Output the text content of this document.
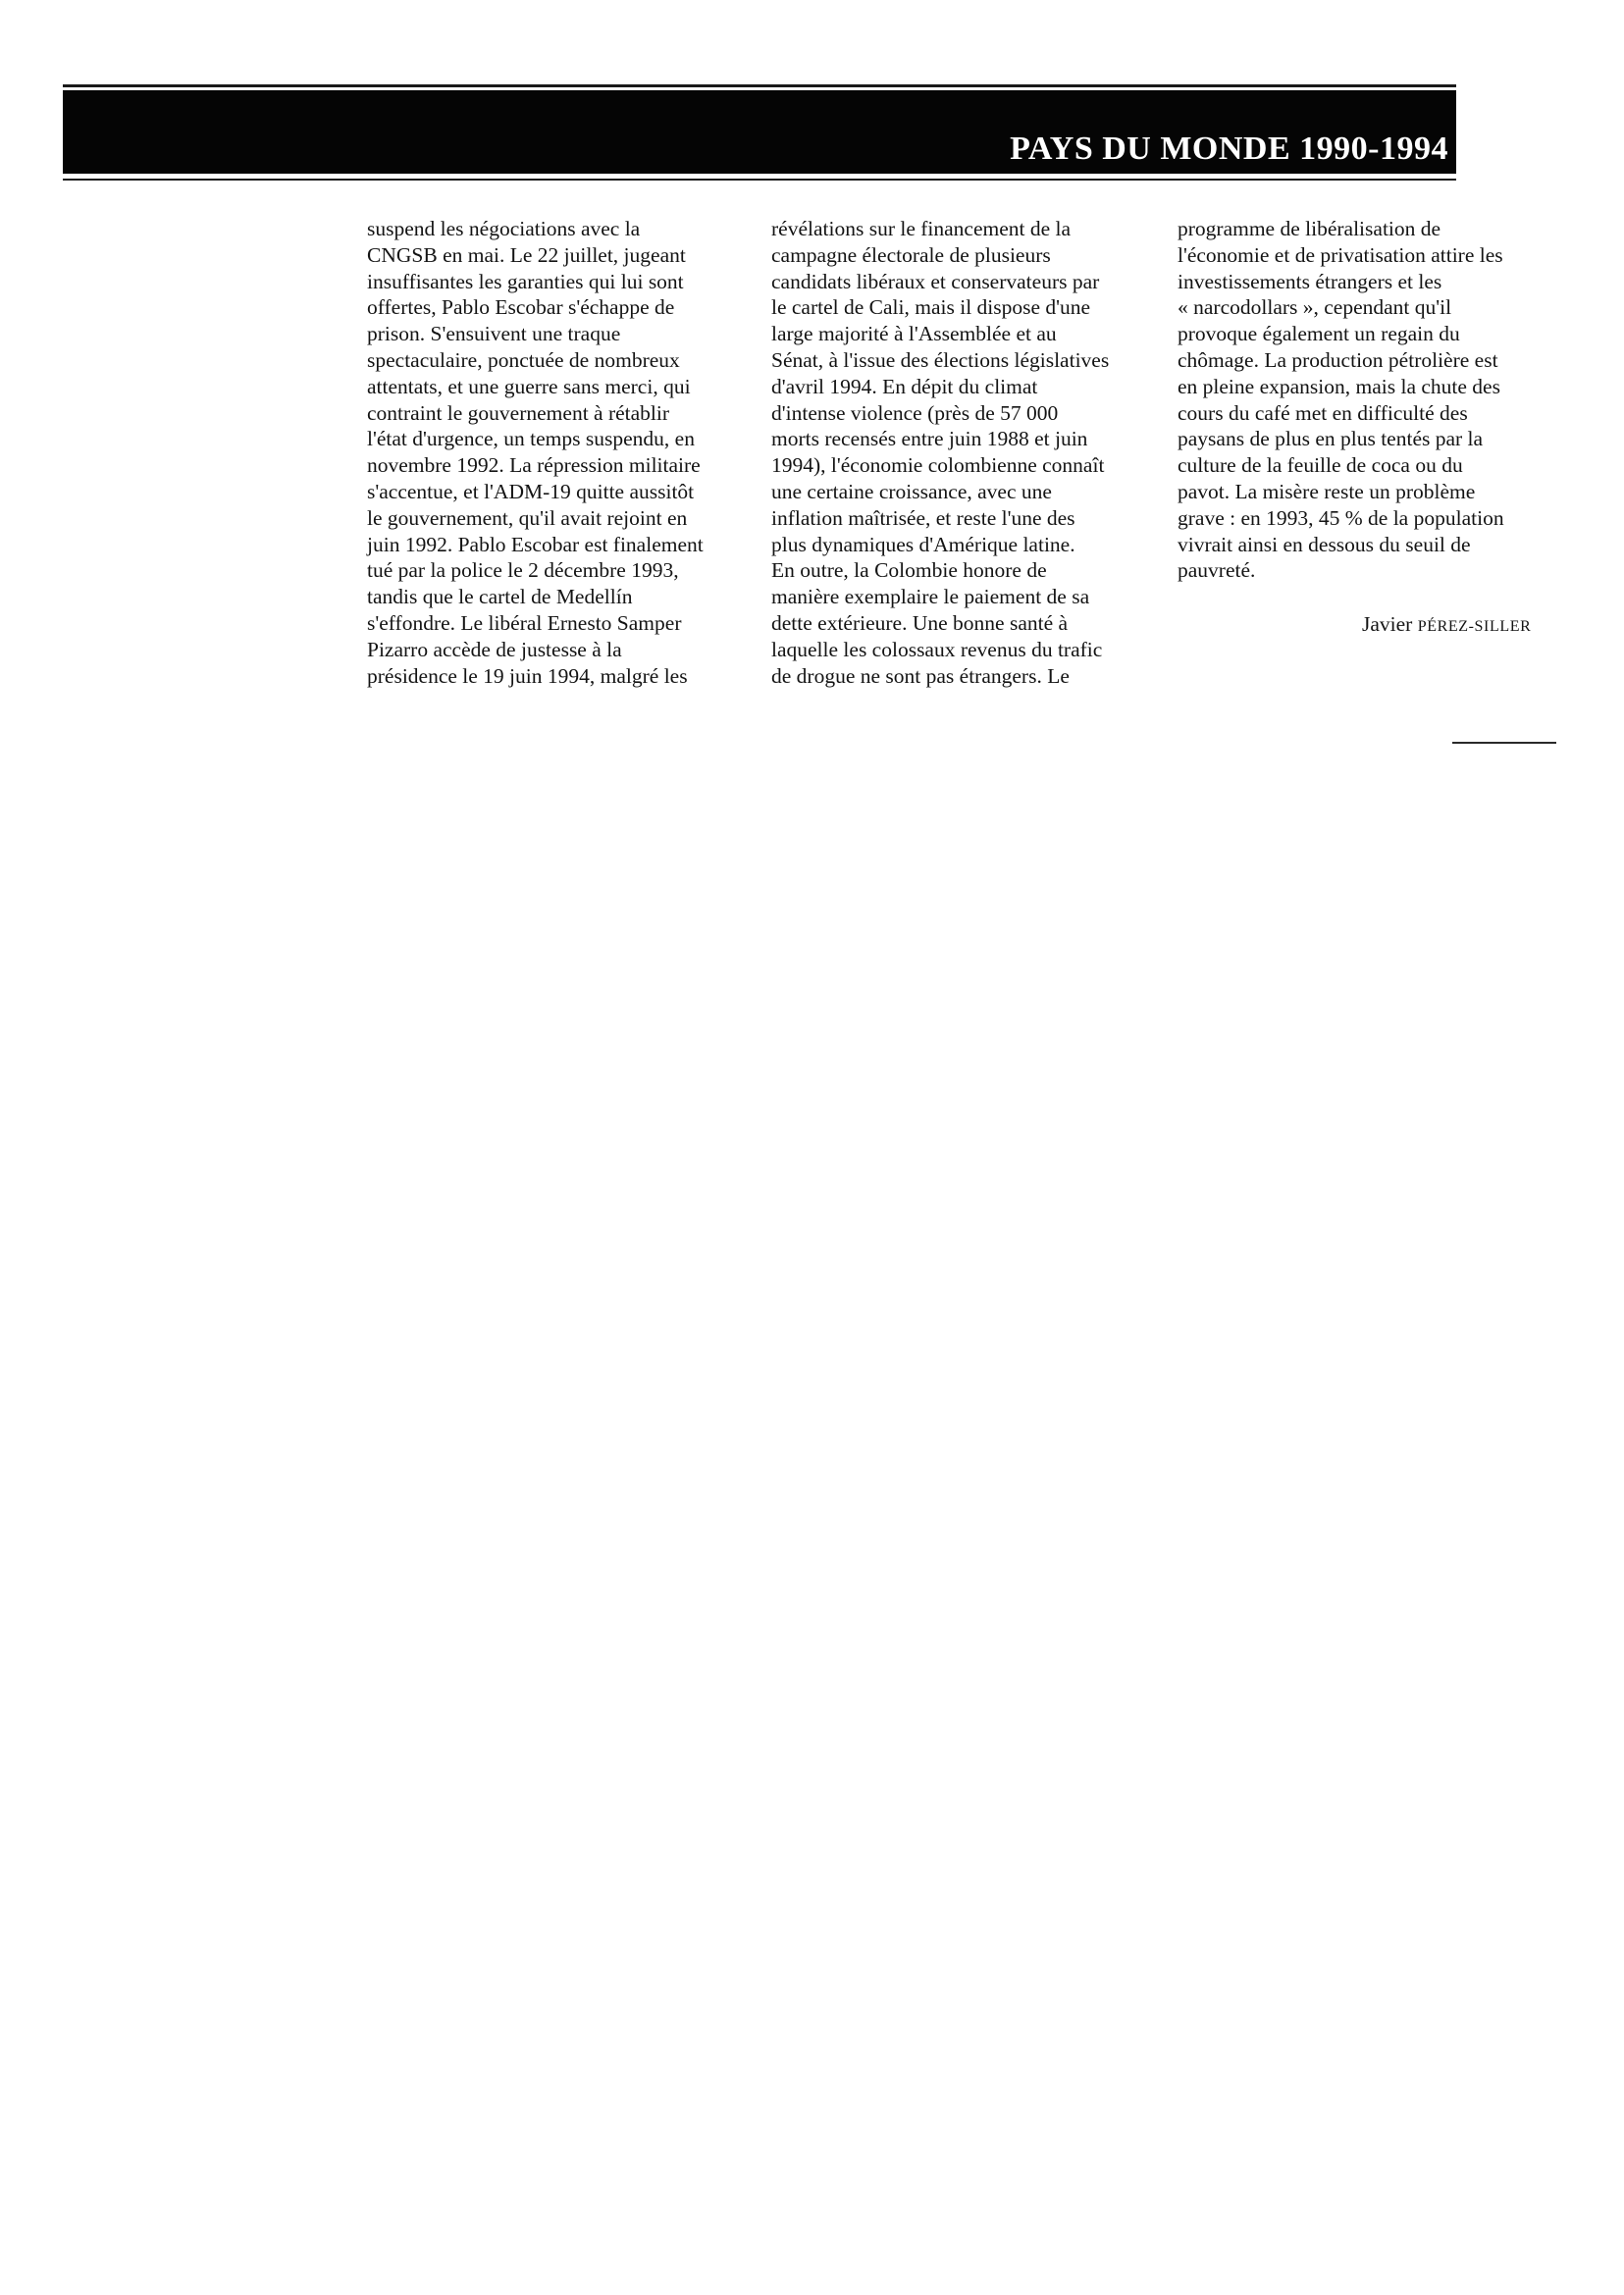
PAYS DU MONDE 1990-1994
suspend les négociations avec la
CNGSB en mai. Le 22 juillet, jugeant
insuffisantes les garanties qui lui sont
offertes, Pablo Escobar s'échappe de
prison. S'ensuivent une traque
spectaculaire, ponctuée de nombreux
attentats, et une guerre sans merci, qui
contraint le gouvernement à rétablir
l'état d'urgence, un temps suspendu, en
novembre 1992. La répression militaire
s'accentue, et l'ADM-19 quitte aussitôt
le gouvernement, qu'il avait rejoint en
juin 1992. Pablo Escobar est finalement
tué par la police le 2 décembre 1993,
tandis que le cartel de Medellín
s'effondre. Le libéral Ernesto Samper
Pizarro accède de justesse à la
présidence le 19 juin 1994, malgré les
révélations sur le financement de la
campagne électorale de plusieurs
candidats libéraux et conservateurs par
le cartel de Cali, mais il dispose d'une
large majorité à l'Assemblée et au
Sénat, à l'issue des élections législatives
d'avril 1994. En dépit du climat
d'intense violence (près de 57 000
morts recensés entre juin 1988 et juin
1994), l'économie colombienne connaît
une certaine croissance, avec une
inflation maîtrisée, et reste l'une des
plus dynamiques d'Amérique latine.
En outre, la Colombie honore de
manière exemplaire le paiement de sa
dette extérieure. Une bonne santé à
laquelle les colossaux revenus du trafic
de drogue ne sont pas étrangers. Le
programme de libéralisation de
l'économie et de privatisation attire les
investissements étrangers et les
« narcodollars », cependant qu'il
provoque également un regain du
chômage. La production pétrolière est
en pleine expansion, mais la chute des
cours du café met en difficulté des
paysans de plus en plus tentés par la
culture de la feuille de coca ou du
pavot. La misère reste un problème
grave : en 1993, 45 % de la population
vivrait ainsi en dessous du seuil de
pauvreté.
Javier PÉREZ-SILLER
